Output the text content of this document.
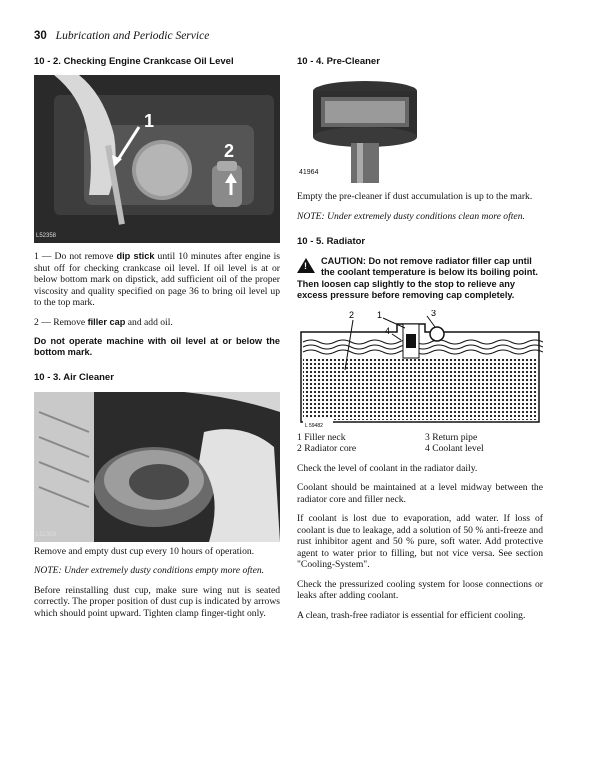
30 Lubrication and Periodic Service
10 - 2. Checking Engine Crankcase Oil Level
1
2
L52358

1 — Do not remove dip stick until 10 minutes after engine is shut off for checking crankcase oil level. If oil level is at or below bottom mark on dipstick, add sufficient oil of the proper viscosity and quality specified on page 36 to bring oil level up to the top mark.

2 — Remove filler cap and add oil.

Do not operate machine with oil level at or below the bottom mark.

10 - 3. Air Cleaner
L52359

Remove and empty dust cup every 10 hours of operation.

NOTE: Under extremely dusty conditions empty more often.

Before reinstalling dust cup, make sure wing nut is seated correctly. The proper position of dust cup is indicated by arrows which should point upward. Tighten clamp finger-tight only.

10 - 4. Pre-Cleaner
41964

Empty the pre-cleaner if dust accumulation is up to the mark.

NOTE: Under extremely dusty conditions clean more often.

10 - 5. Radiator
!
CAUTION: Do not remove radiator filler cap until the coolant temperature is below its boiling point. Then loosen cap slightly to the stop to relieve any excess pressure before removing cap completely.
2	1	3
4
L 59482
1 Filler neck	3 Return pipe
2 Radiator core	4 Coolant level

Check the level of coolant in the radiator daily.

Coolant should be maintained at a level midway between the radiator core and filler neck.

If coolant is lost due to evaporation, add water. If loss of coolant is due to leakage, add a solution of 50 % anti-freeze and rust inhibitor agent and 50 % pure, soft water. Add protective agent to water prior to filling, but not vice versa. See section "Cooling-System".

Check the pressurized cooling system for loose connections or leaks after adding coolant.

A clean, trash-free radiator is essential for efficient cooling.
